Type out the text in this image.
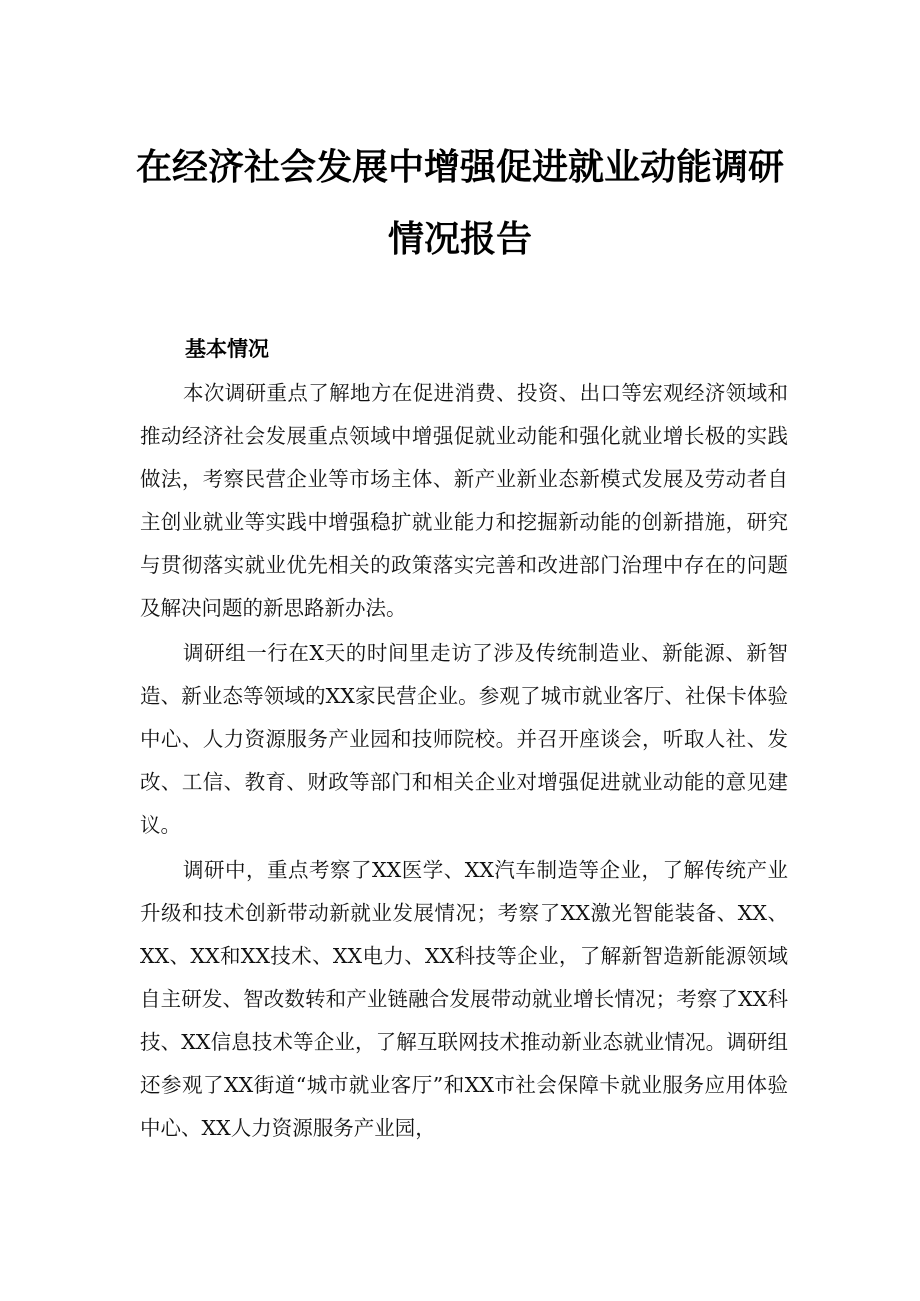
在经济社会发展中增强促进就业动能调研
情况报告
基本情况

本次调研重点了解地方在促进消费、投资、出口等宏观经济领域和推动经济社会发展重点领域中增强促就业动能和强化就业增长极的实践做法，考察民营企业等市场主体、新产业新业态新模式发展及劳动者自主创业就业等实践中增强稳扩就业能力和挖掘新动能的创新措施，研究与贯彻落实就业优先相关的政策落实完善和改进部门治理中存在的问题及解决问题的新思路新办法。

调研组一行在X天的时间里走访了涉及传统制造业、新能源、新智造、新业态等领域的XX家民营企业。参观了城市就业客厅、社保卡体验中心、人力资源服务产业园和技师院校。并召开座谈会，听取人社、发改、工信、教育、财政等部门和相关企业对增强促进就业动能的意见建议。

调研中，重点考察了XX医学、XX汽车制造等企业，了解传统产业升级和技术创新带动新就业发展情况；考察了XX激光智能装备、XX、XX、XX和XX技术、XX电力、XX科技等企业，了解新智造新能源领域自主研发、智改数转和产业链融合发展带动就业增长情况；考察了XX科技、XX信息技术等企业，了解互联网技术推动新业态就业情况。调研组还参观了XX街道“城市就业客厅”和XX市社会保障卡就业服务应用体验中心、XX人力资源服务产业园，
